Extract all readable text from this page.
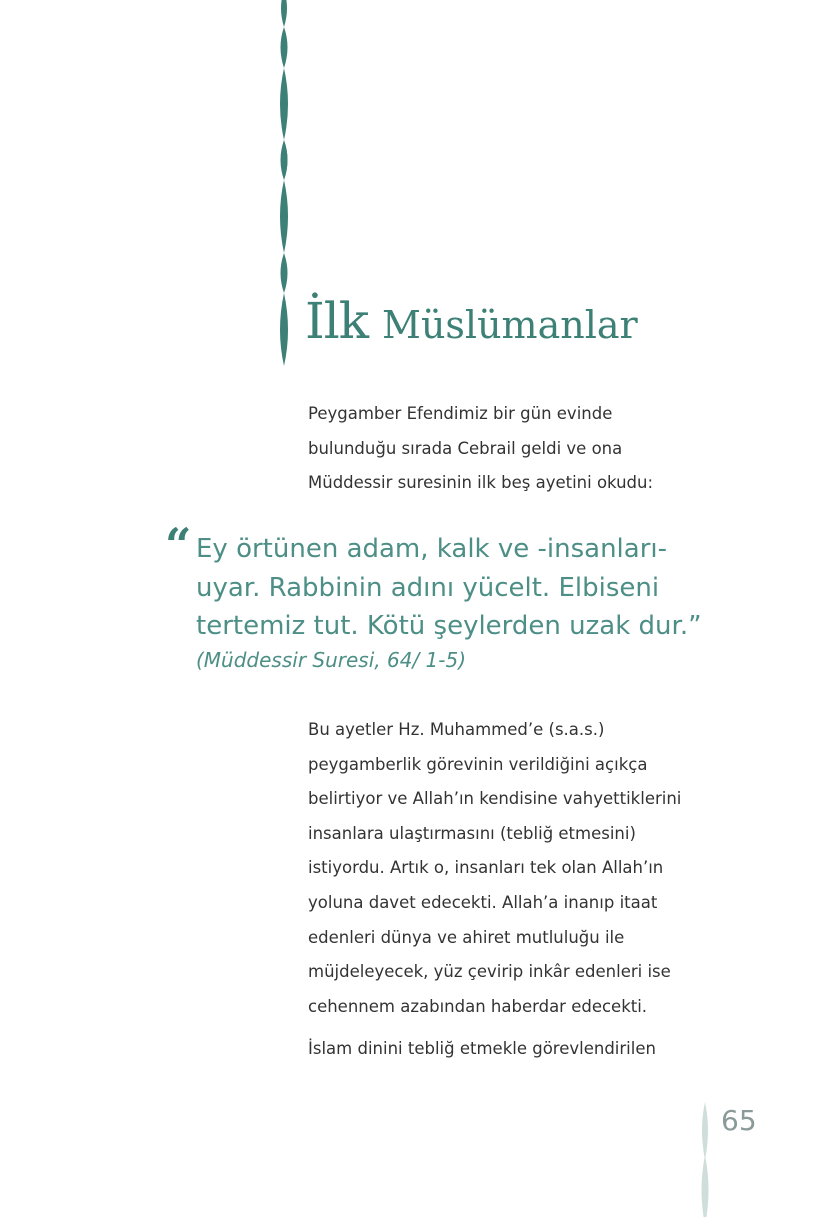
İlk Müslümanlar
Peygamber Efendimiz bir gün evinde
bulunduğu sırada Cebrail geldi ve ona
Müddessir suresinin ilk beş ayetini okudu:
“ Ey örtünen adam, kalk ve -insanları-
uyar. Rabbinin adını yücelt. Elbiseni
tertemiz tut. Kötü şeylerden uzak dur.”
(Müddessir Suresi, 64/ 1-5)
Bu ayetler Hz. Muhammed’e (s.a.s.)
peygamberlik görevinin verildiğini açıkça
belirtiyor ve Allah’ın kendisine vahyettiklerini
insanlara ulaştırmasını (tebliğ etmesini)
istiyordu. Artık o, insanları tek olan Allah’ın
yoluna davet edecekti. Allah’a inanıp itaat
edenleri dünya ve ahiret mutluluğu ile
müjdeleyecek, yüz çevirip inkâr edenleri ise
cehennem azabından haberdar edecekti.
İslam dinini tebliğ etmekle görevlendirilen
65
